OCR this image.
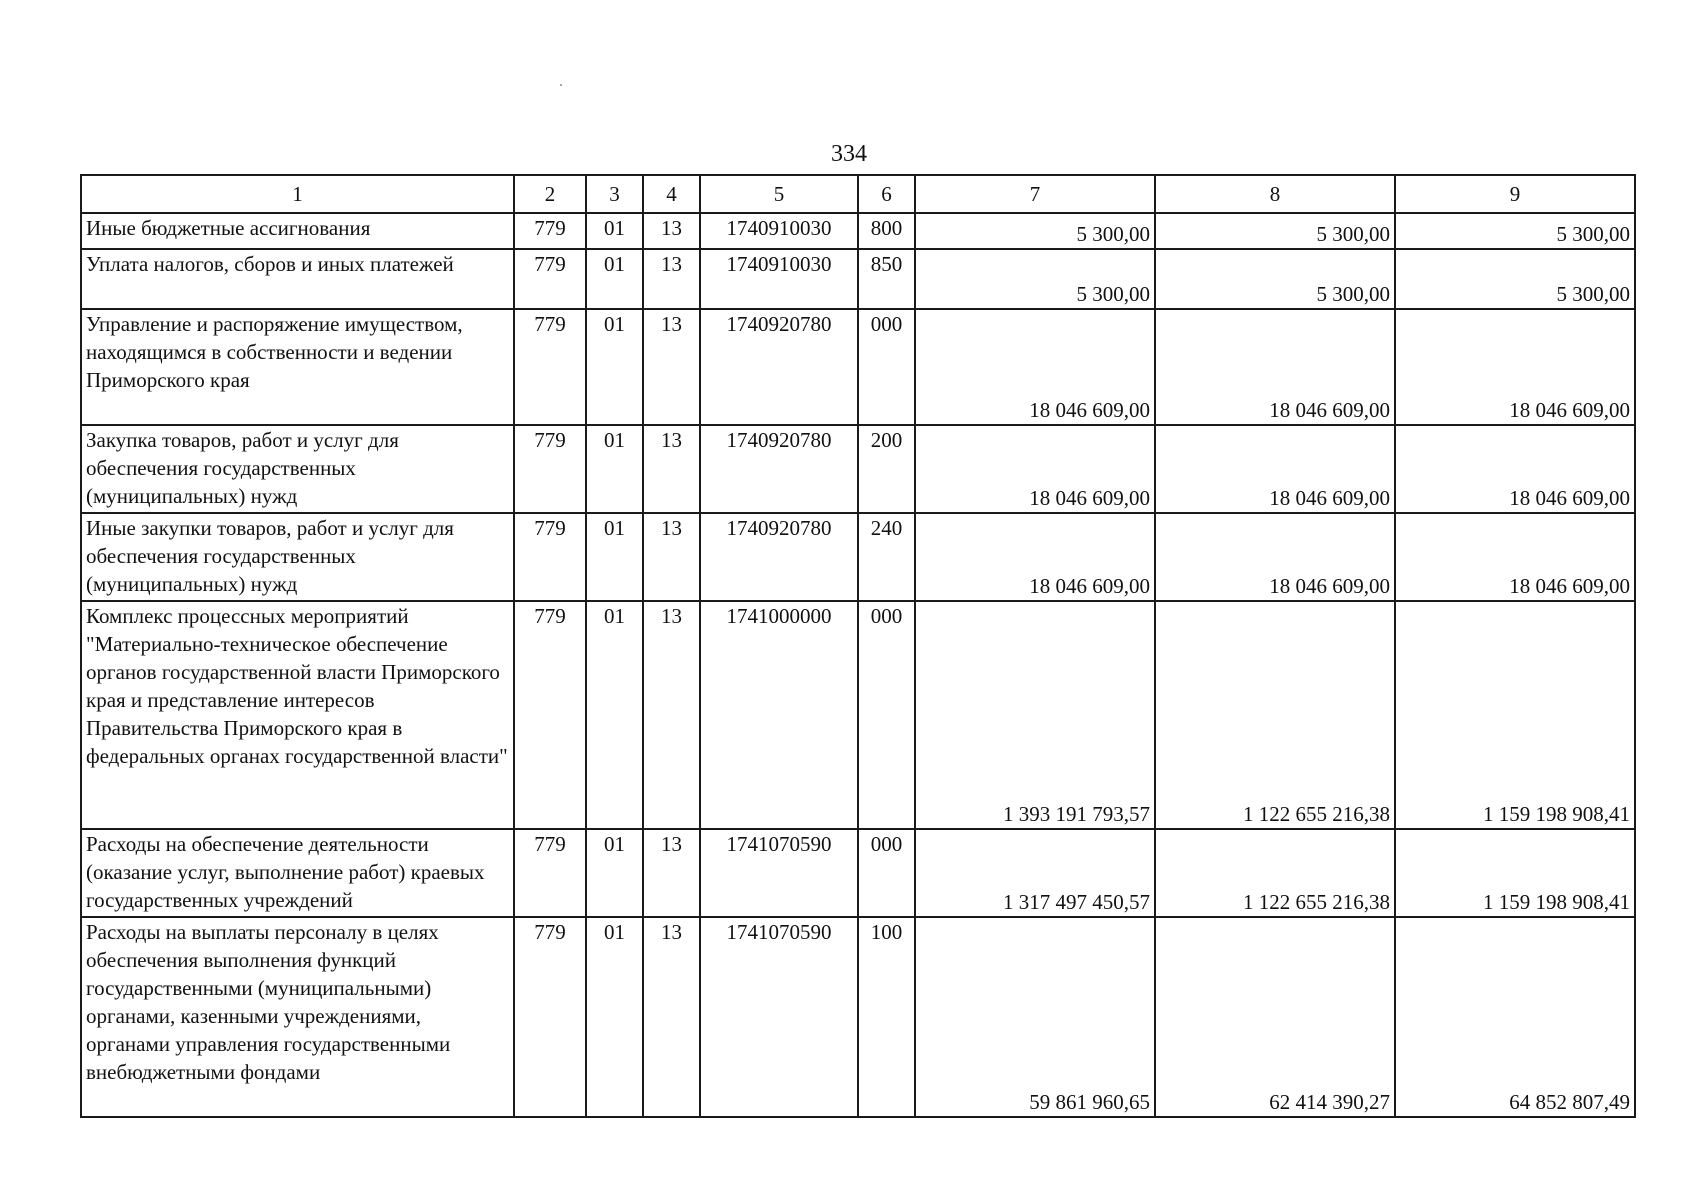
334
1	2	3	4	5	6	7	8	9
Иные бюджетные ассигнования	779	01	13	1740910030	800	5 300,00	5 300,00	5 300,00
Уплата налогов, сборов и иных платежей	779	01	13	1740910030	850	5 300,00	5 300,00	5 300,00
Управление и распоряжение имуществом, находящимся в собственности и ведении Приморского края	779	01	13	1740920780	000	18 046 609,00	18 046 609,00	18 046 609,00
Закупка товаров, работ и услуг для обеспечения государственных (муниципальных) нужд	779	01	13	1740920780	200	18 046 609,00	18 046 609,00	18 046 609,00
Иные закупки товаров, работ и услуг для обеспечения государственных (муниципальных) нужд	779	01	13	1740920780	240	18 046 609,00	18 046 609,00	18 046 609,00
Комплекс процессных мероприятий "Материально-техническое обеспечение органов государственной власти Приморского края и представление интересов Правительства Приморского края в федеральных органах государственной власти"	779	01	13	1741000000	000	1 393 191 793,57	1 122 655 216,38	1 159 198 908,41
Расходы на обеспечение деятельности (оказание услуг, выполнение работ) краевых государственных учреждений	779	01	13	1741070590	000	1 317 497 450,57	1 122 655 216,38	1 159 198 908,41
Расходы на выплаты персоналу в целях обеспечения выполнения функций государственными (муниципальными) органами, казенными учреждениями, органами управления государственными внебюджетными фондами	779	01	13	1741070590	100	59 861 960,65	62 414 390,27	64 852 807,49
